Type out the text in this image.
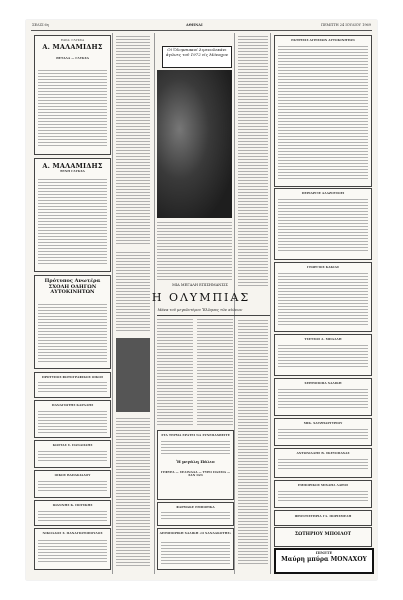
ΣΕΛΙΣ 6η	ΑΘΗΝΑΙ	ΠΕΜΠΤΗ 24 ΙΟΥΛΙΟΥ 1969
ΕΔΡΑ: ΓΛΥΚΣΑ
Α. ΜΑΛΑΜΙΔΗΣ
ΘΕΤΑΛΑ — ΓΛΥΚΣΑ
Α. ΜΑΛΑΜΙΔΗΣ
ΞΕΝΗ ΓΛΥΚΣΑ
Πρότυπος Ανωτέρα ΣΧΟΛΗ ΟΔΗΓΩΝ ΑΥΤΟΚΙΝΗΤΩΝ
ΠΡΟΤΥΠΟΣ ΦΩΤΟΓΡΑΦΙΚΟΣ ΟΙΚΟΣ
ΠΑΝΑΓΙΩΤΗΣ ΚΑΡΑΛΗΣ
ΚΩΣΤΑΣ Σ. ΠΑΝΑΙΙΔΗΣ
ΟΙΚΟΣ ΒΑΠΑΚΙΑΔΟΥ
ΙΩΑΝΝΗΣ Κ. ΠΟΥΣΚΗΣ
ΝΙΚΟΛΑΟΣ Σ. ΠΑΝΑΓΙΩΤΟΠΟΥΛΟΣ
Οί Ὀλυμπιακοί λιμενολεκάνι ἀγῶνες τοῦ 1972 εἰς Μόναχον
ΜΙΑ ΜΕΓΑΛΗ ΕΠΙΣΗΜΑΝΣΙΣ
Η ΟΛΥΜΠΙΑΣ
Μάνα τοῦ μεγαλυτέρου Ἕλληνας τῶν αἰώνων
ΣΤΑ ΤΕΡΜΑ ΕΡΑΤΕΙ ΝΑ ΣΥΝΕΠΑΧΘΕΙΤΕ
Ἡ μεγάλη Πάλιο
ΓΕΦΥΡΑ — ΣΕΛΙΝΑΔΑ — ΤΥΡΟ ΠΑΣΣΙΑ — ΣΑΝ ΙΑΝ
ΦΑΡΜΑΚΕ ΕΜΠΟΡΙΚΑ
ΑΕΡΟΠΟΡΙΚΗ ΧΑΛΙΚΗ «Ο ΧΑΝΔΑΚΟΤΗΣ»
ΕΚΤΡΕΣΙΣ ΑΓΡΙΣΣΩΝ ΑΥΤΟΚΙΝΗΤΩΝ
ΠΕΡΙΑΡΓΙΕ ΑΛΑΖΟΥΣΟΕΙ
ΓΕΩΡΓΙΟΣ ΚΑΚΙΑΣ
ΤΣΕΤΣΟΣ Δ. ΜΠΑΛΛΗ
ΧΕΡΡΟΠΟΙΙΑ ΧΑΛΙΚΗ
ΜΙΚ. ΧΑΤΖΗΑΡΓΥΡΙΟΥ
ΑΝΤΩΝΙΑΔΗΣ Β. ΣΚΕΥΟΠΑΧΑΣ
ΕΜΠΟΡΙΚΟΣ ΜΙΧΑΗΛ ΛΑΡΟΣ
ΦΡΟΝΤΙΣΤΗΡΙΑ ΓΛ. ΠΟΡΙΣΜΕΛΗ
ΣΩΤΗΡΙΟΥ ΜΠΟΙΛΟΤ
ΠΙΝΕΤΕ
Μαύρη μπύρα ΜΟΝΑΧΟΥ
